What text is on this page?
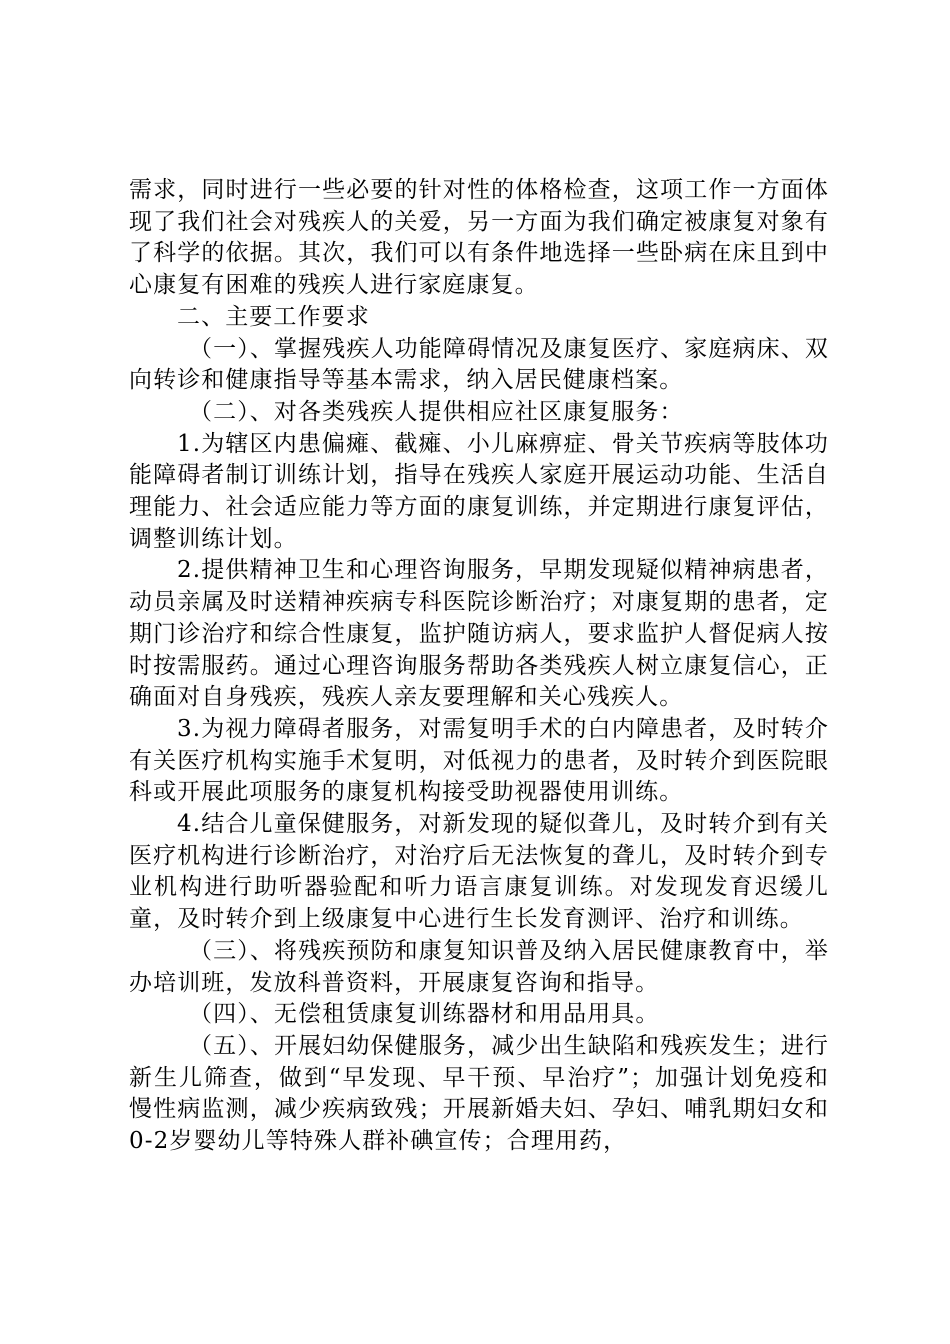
需求，同时进行一些必要的针对性的体格检查，这项工作一方面体现了我们社会对残疾人的关爱，另一方面为我们确定被康复对象有了科学的依据。其次，我们可以有条件地选择一些卧病在床且到中心康复有困难的残疾人进行家庭康复。

二、主要工作要求

（一）、掌握残疾人功能障碍情况及康复医疗、家庭病床、双向转诊和健康指导等基本需求，纳入居民健康档案。

（二）、对各类残疾人提供相应社区康复服务：

1.为辖区内患偏瘫、截瘫、小儿麻痹症、骨关节疾病等肢体功能障碍者制订训练计划，指导在残疾人家庭开展运动功能、生活自理能力、社会适应能力等方面的康复训练，并定期进行康复评估，调整训练计划。

2.提供精神卫生和心理咨询服务，早期发现疑似精神病患者，动员亲属及时送精神疾病专科医院诊断治疗；对康复期的患者，定期门诊治疗和综合性康复，监护随访病人，要求监护人督促病人按时按需服药。通过心理咨询服务帮助各类残疾人树立康复信心，正确面对自身残疾，残疾人亲友要理解和关心残疾人。

3.为视力障碍者服务，对需复明手术的白内障患者，及时转介有关医疗机构实施手术复明，对低视力的患者，及时转介到医院眼科或开展此项服务的康复机构接受助视器使用训练。

4.结合儿童保健服务，对新发现的疑似聋儿，及时转介到有关医疗机构进行诊断治疗，对治疗后无法恢复的聋儿，及时转介到专业机构进行助听器验配和听力语言康复训练。对发现发育迟缓儿童，及时转介到上级康复中心进行生长发育测评、治疗和训练。

（三）、将残疾预防和康复知识普及纳入居民健康教育中，举办培训班，发放科普资料，开展康复咨询和指导。

（四）、无偿租赁康复训练器材和用品用具。

（五）、开展妇幼保健服务，减少出生缺陷和残疾发生；进行新生儿筛查，做到“早发现、早干预、早治疗”；加强计划免疫和慢性病监测，减少疾病致残；开展新婚夫妇、孕妇、哺乳期妇女和0-2岁婴幼儿等特殊人群补碘宣传；合理用药，
